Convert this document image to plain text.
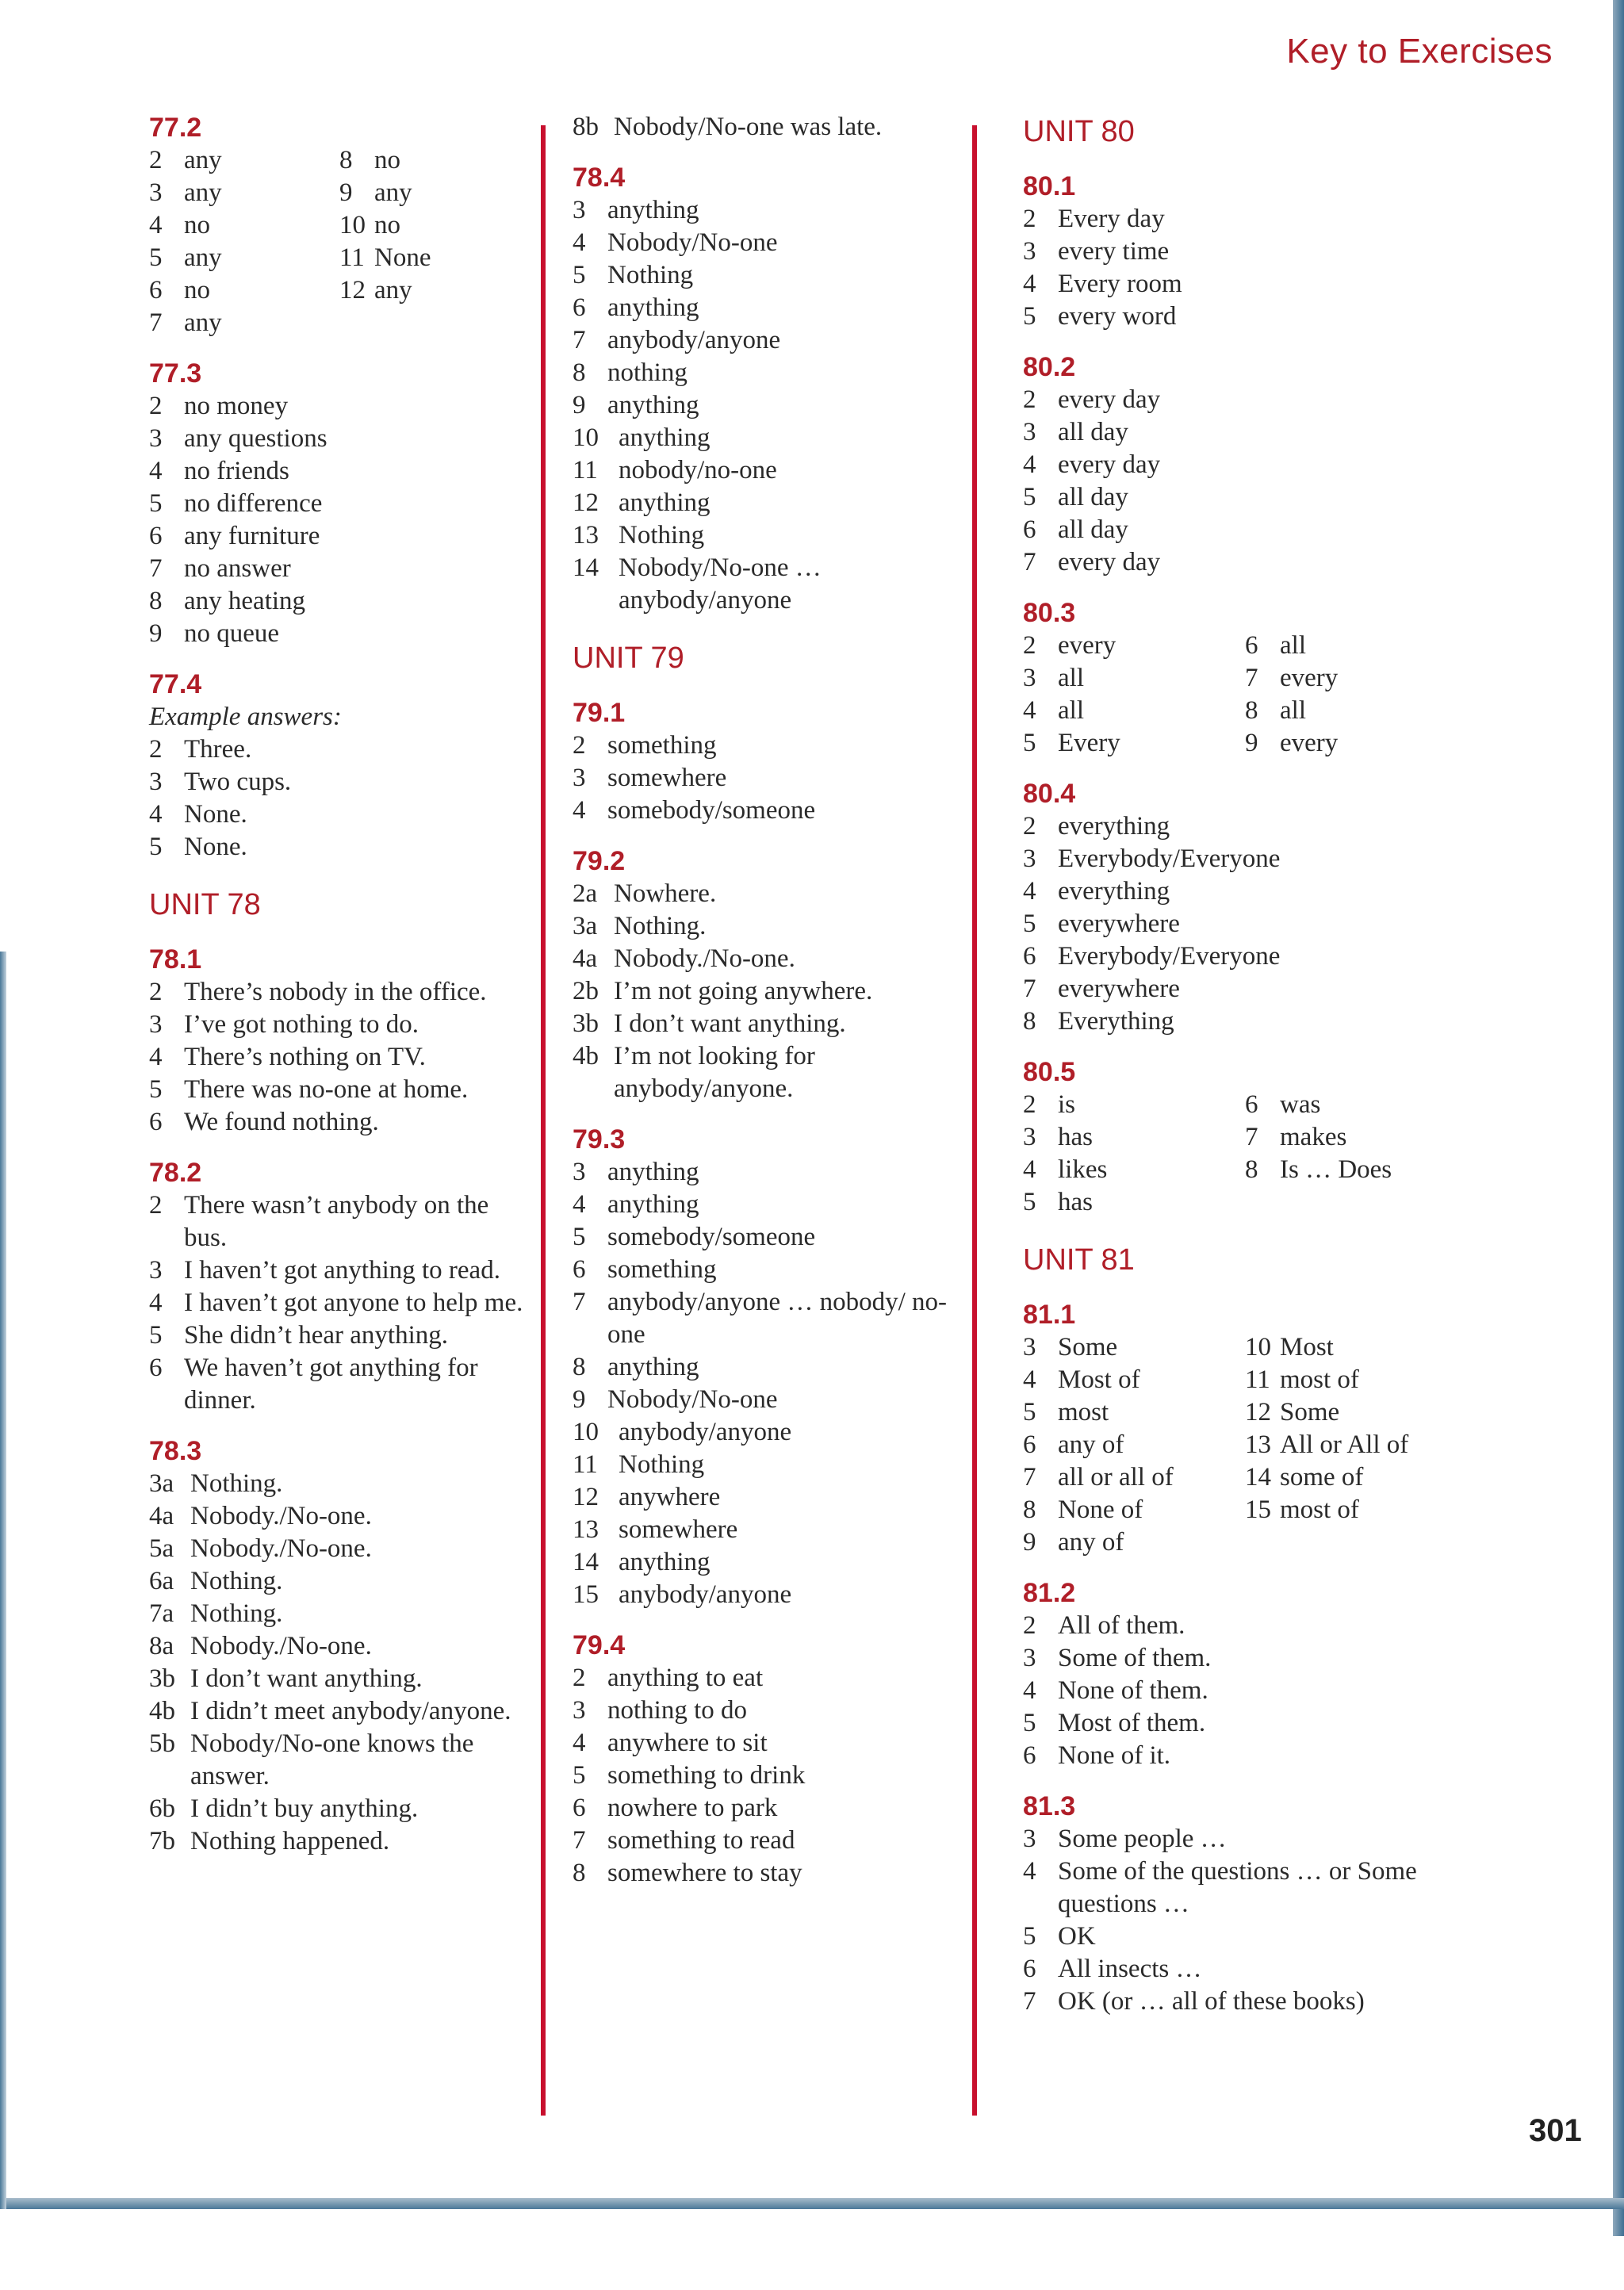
Key to Exercises
77.2
2 any
3 any
4 no
5 any
6 no
7 any
8 no
9 any
10 no
11 None
12 any
77.3
2 no money
3 any questions
4 no friends
5 no difference
6 any furniture
7 no answer
8 any heating
9 no queue
77.4
Example answers:
2 Three.
3 Two cups.
4 None.
5 None.
UNIT 78
78.1
2 There’s nobody in the office.
3 I’ve got nothing to do.
4 There’s nothing on TV.
5 There was no-one at home.
6 We found nothing.
78.2
2 There wasn’t anybody on the bus.
3 I haven’t got anything to read.
4 I haven’t got anyone to help me.
5 She didn’t hear anything.
6 We haven’t got anything for dinner.
78.3
3a Nothing.
4a Nobody./No-one.
5a Nobody./No-one.
6a Nothing.
7a Nothing.
8a Nobody./No-one.
3b I don’t want anything.
4b I didn’t meet anybody/anyone.
5b Nobody/No-one knows the answer.
6b I didn’t buy anything.
7b Nothing happened.
8b Nobody/No-one was late.
78.4
3 anything
4 Nobody/No-one
5 Nothing
6 anything
7 anybody/anyone
8 nothing
9 anything
10 anything
11 nobody/no-one
12 anything
13 Nothing
14 Nobody/No-one … anybody/anyone
UNIT 79
79.1
2 something
3 somewhere
4 somebody/someone
79.2
2a Nowhere.
3a Nothing.
4a Nobody./No-one.
2b I’m not going anywhere.
3b I don’t want anything.
4b I’m not looking for anybody/anyone.
79.3
3 anything
4 anything
5 somebody/someone
6 something
7 anybody/anyone … nobody/ no-one
8 anything
9 Nobody/No-one
10 anybody/anyone
11 Nothing
12 anywhere
13 somewhere
14 anything
15 anybody/anyone
79.4
2 anything to eat
3 nothing to do
4 anywhere to sit
5 something to drink
6 nowhere to park
7 something to read
8 somewhere to stay
UNIT 80
80.1
2 Every day
3 every time
4 Every room
5 every word
80.2
2 every day
3 all day
4 every day
5 all day
6 all day
7 every day
80.3
2 every
3 all
4 all
5 Every
6 all
7 every
8 all
9 every
80.4
2 everything
3 Everybody/Everyone
4 everything
5 everywhere
6 Everybody/Everyone
7 everywhere
8 Everything
80.5
2 is
3 has
4 likes
5 has
6 was
7 makes
8 Is … Does
UNIT 81
81.1
3 Some
4 Most of
5 most
6 any of
7 all or all of
8 None of
9 any of
10 Most
11 most of
12 Some
13 All or All of
14 some of
15 most of
81.2
2 All of them.
3 Some of them.
4 None of them.
5 Most of them.
6 None of it.
81.3
3 Some people …
4 Some of the questions … or Some questions …
5 OK
6 All insects …
7 OK (or … all of these books)
301
